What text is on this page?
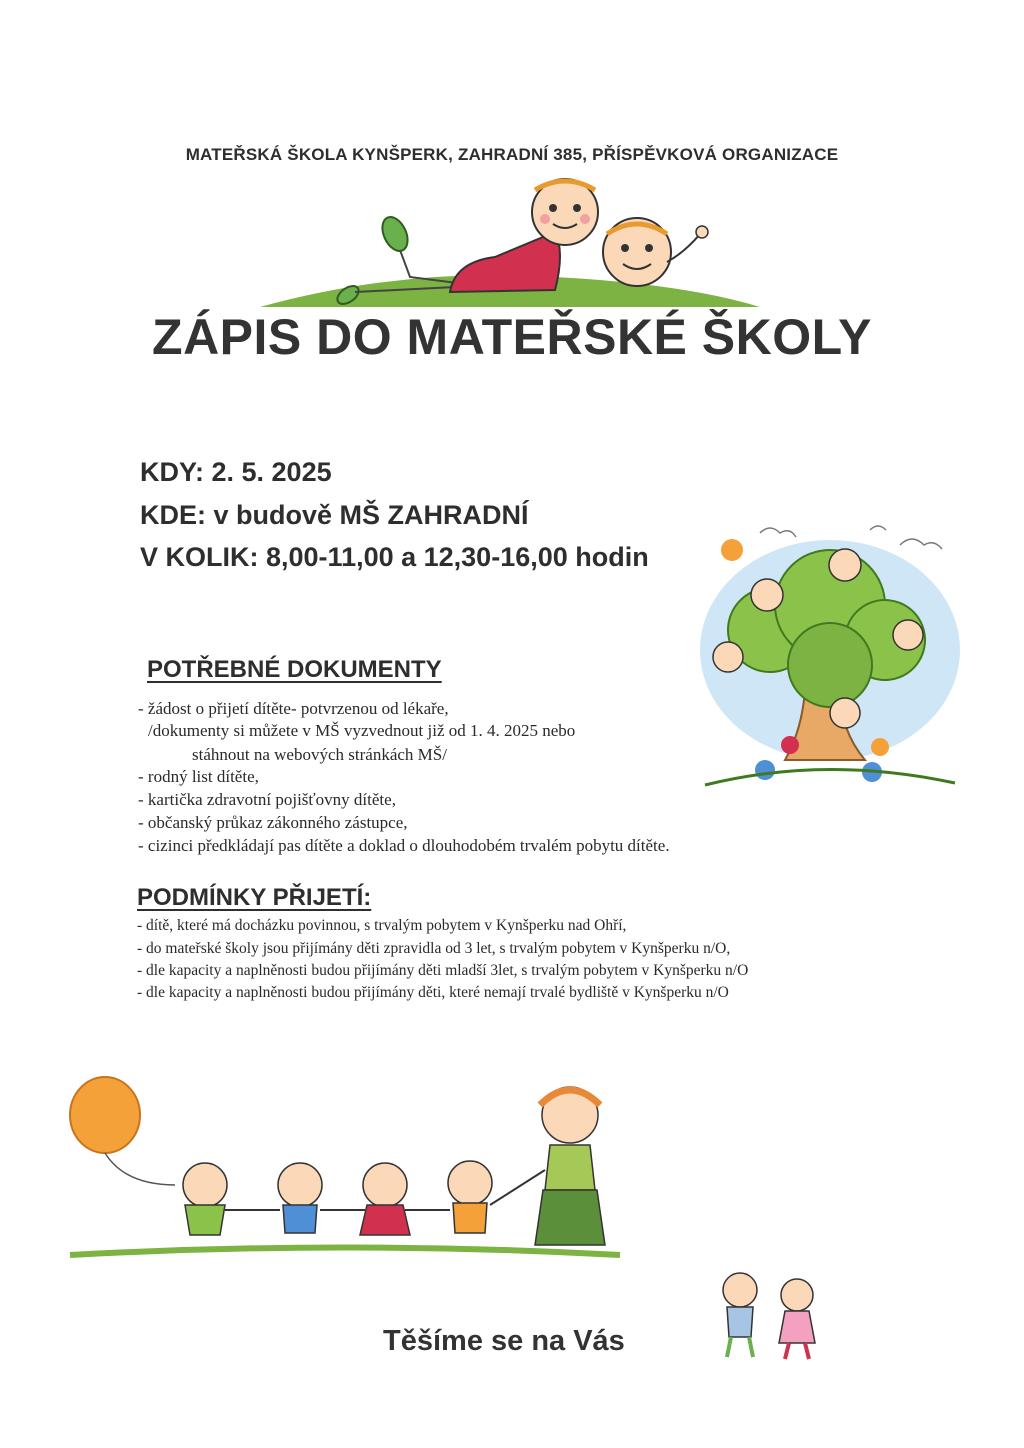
MATEŘSKÁ ŠKOLA KYNŠPERK, ZAHRADNÍ 385, PŘÍSPĚVKOVÁ ORGANIZACE
ZÁPIS DO MATEŘSKÉ ŠKOLY
KDY: 2. 5. 2025
KDE: v budově MŠ ZAHRADNÍ
V KOLIK: 8,00-11,00 a 12,30-16,00 hodin
POTŘEBNÉ DOKUMENTY
- žádost o přijetí dítěte- potvrzenou od lékaře,
/dokumenty si můžete v MŠ vyzvednout již od 1. 4. 2025 nebo
stáhnout na webových stránkách MŠ/
- rodný list dítěte,
- kartička zdravotní pojišťovny dítěte,
- občanský průkaz zákonného zástupce,
- cizinci předkládají pas dítěte a doklad o dlouhodobém trvalém pobytu dítěte.
PODMÍNKY PŘIJETÍ:
- dítě, které má docházku povinnou, s trvalým pobytem v Kynšperku nad Ohří,
- do mateřské školy jsou přijímány děti zpravidla od 3 let, s trvalým pobytem v Kynšperku n/O,
- dle kapacity a naplněnosti budou přijímány děti mladší 3let, s trvalým pobytem v Kynšperku n/O
- dle kapacity a naplněnosti budou přijímány děti, které nemají trvalé bydliště v Kynšperku n/O
Těšíme se na Vás
